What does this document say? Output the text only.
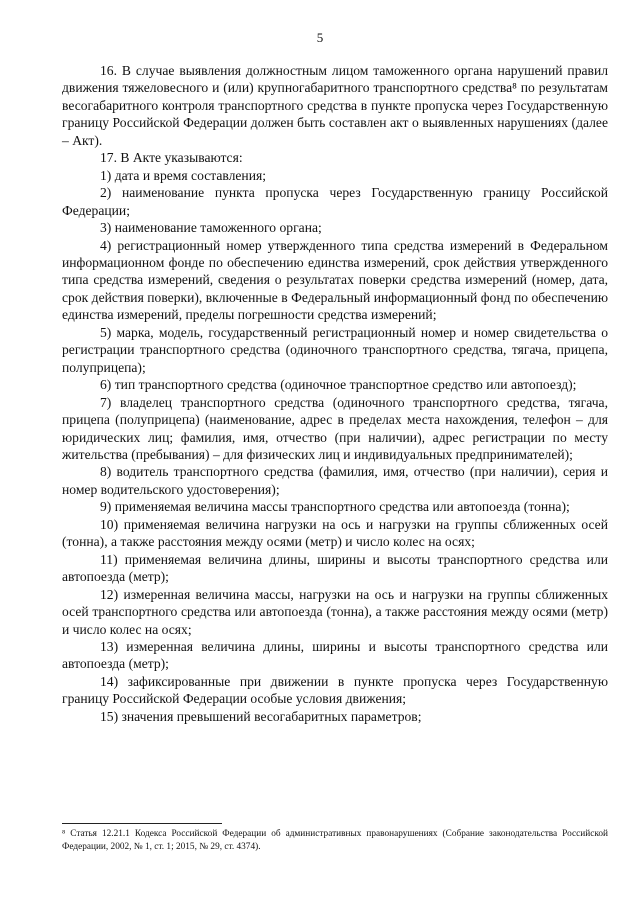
5

16. В случае выявления должностным лицом таможенного органа нарушений правил движения тяжеловесного и (или) крупногабаритного транспортного средства⁸ по результатам весогабаритного контроля транспортного средства в пункте пропуска через Государственную границу Российской Федерации должен быть составлен акт о выявленных нарушениях (далее – Акт).

17. В Акте указываются:

1) дата и время составления;

2) наименование пункта пропуска через Государственную границу Российской Федерации;

3) наименование таможенного органа;

4) регистрационный номер утвержденного типа средства измерений в Федеральном информационном фонде по обеспечению единства измерений, срок действия утвержденного типа средства измерений, сведения о результатах поверки средства измерений (номер, дата, срок действия поверки), включенные в Федеральный информационный фонд по обеспечению единства измерений, пределы погрешности средства измерений;

5) марка, модель, государственный регистрационный номер и номер свидетельства о регистрации транспортного средства (одиночного транспортного средства, тягача, прицепа, полуприцепа);

6) тип транспортного средства (одиночное транспортное средство или автопоезд);

7) владелец транспортного средства (одиночного транспортного средства, тягача, прицепа (полуприцепа) (наименование, адрес в пределах места нахождения, телефон – для юридических лиц; фамилия, имя, отчество (при наличии), адрес регистрации по месту жительства (пребывания) – для физических лиц и индивидуальных предпринимателей);

8) водитель транспортного средства (фамилия, имя, отчество (при наличии), серия и номер водительского удостоверения);

9) применяемая величина массы транспортного средства или автопоезда (тонна);

10) применяемая величина нагрузки на ось и нагрузки на группы сближенных осей (тонна), а также расстояния между осями (метр) и число колес на осях;

11) применяемая величина длины, ширины и высоты транспортного средства или автопоезда (метр);

12) измеренная величина массы, нагрузки на ось и нагрузки на группы сближенных осей транспортного средства или автопоезда (тонна), а также расстояния между осями (метр) и число колес на осях;

13) измеренная величина длины, ширины и высоты транспортного средства или автопоезда (метр);

14) зафиксированные при движении в пункте пропуска через Государственную границу Российской Федерации особые условия движения;

15) значения превышений весогабаритных параметров;

⁸ Статья 12.21.1 Кодекса Российской Федерации об административных правонарушениях (Собрание законодательства Российской Федерации, 2002, № 1, ст. 1; 2015, № 29, ст. 4374).
